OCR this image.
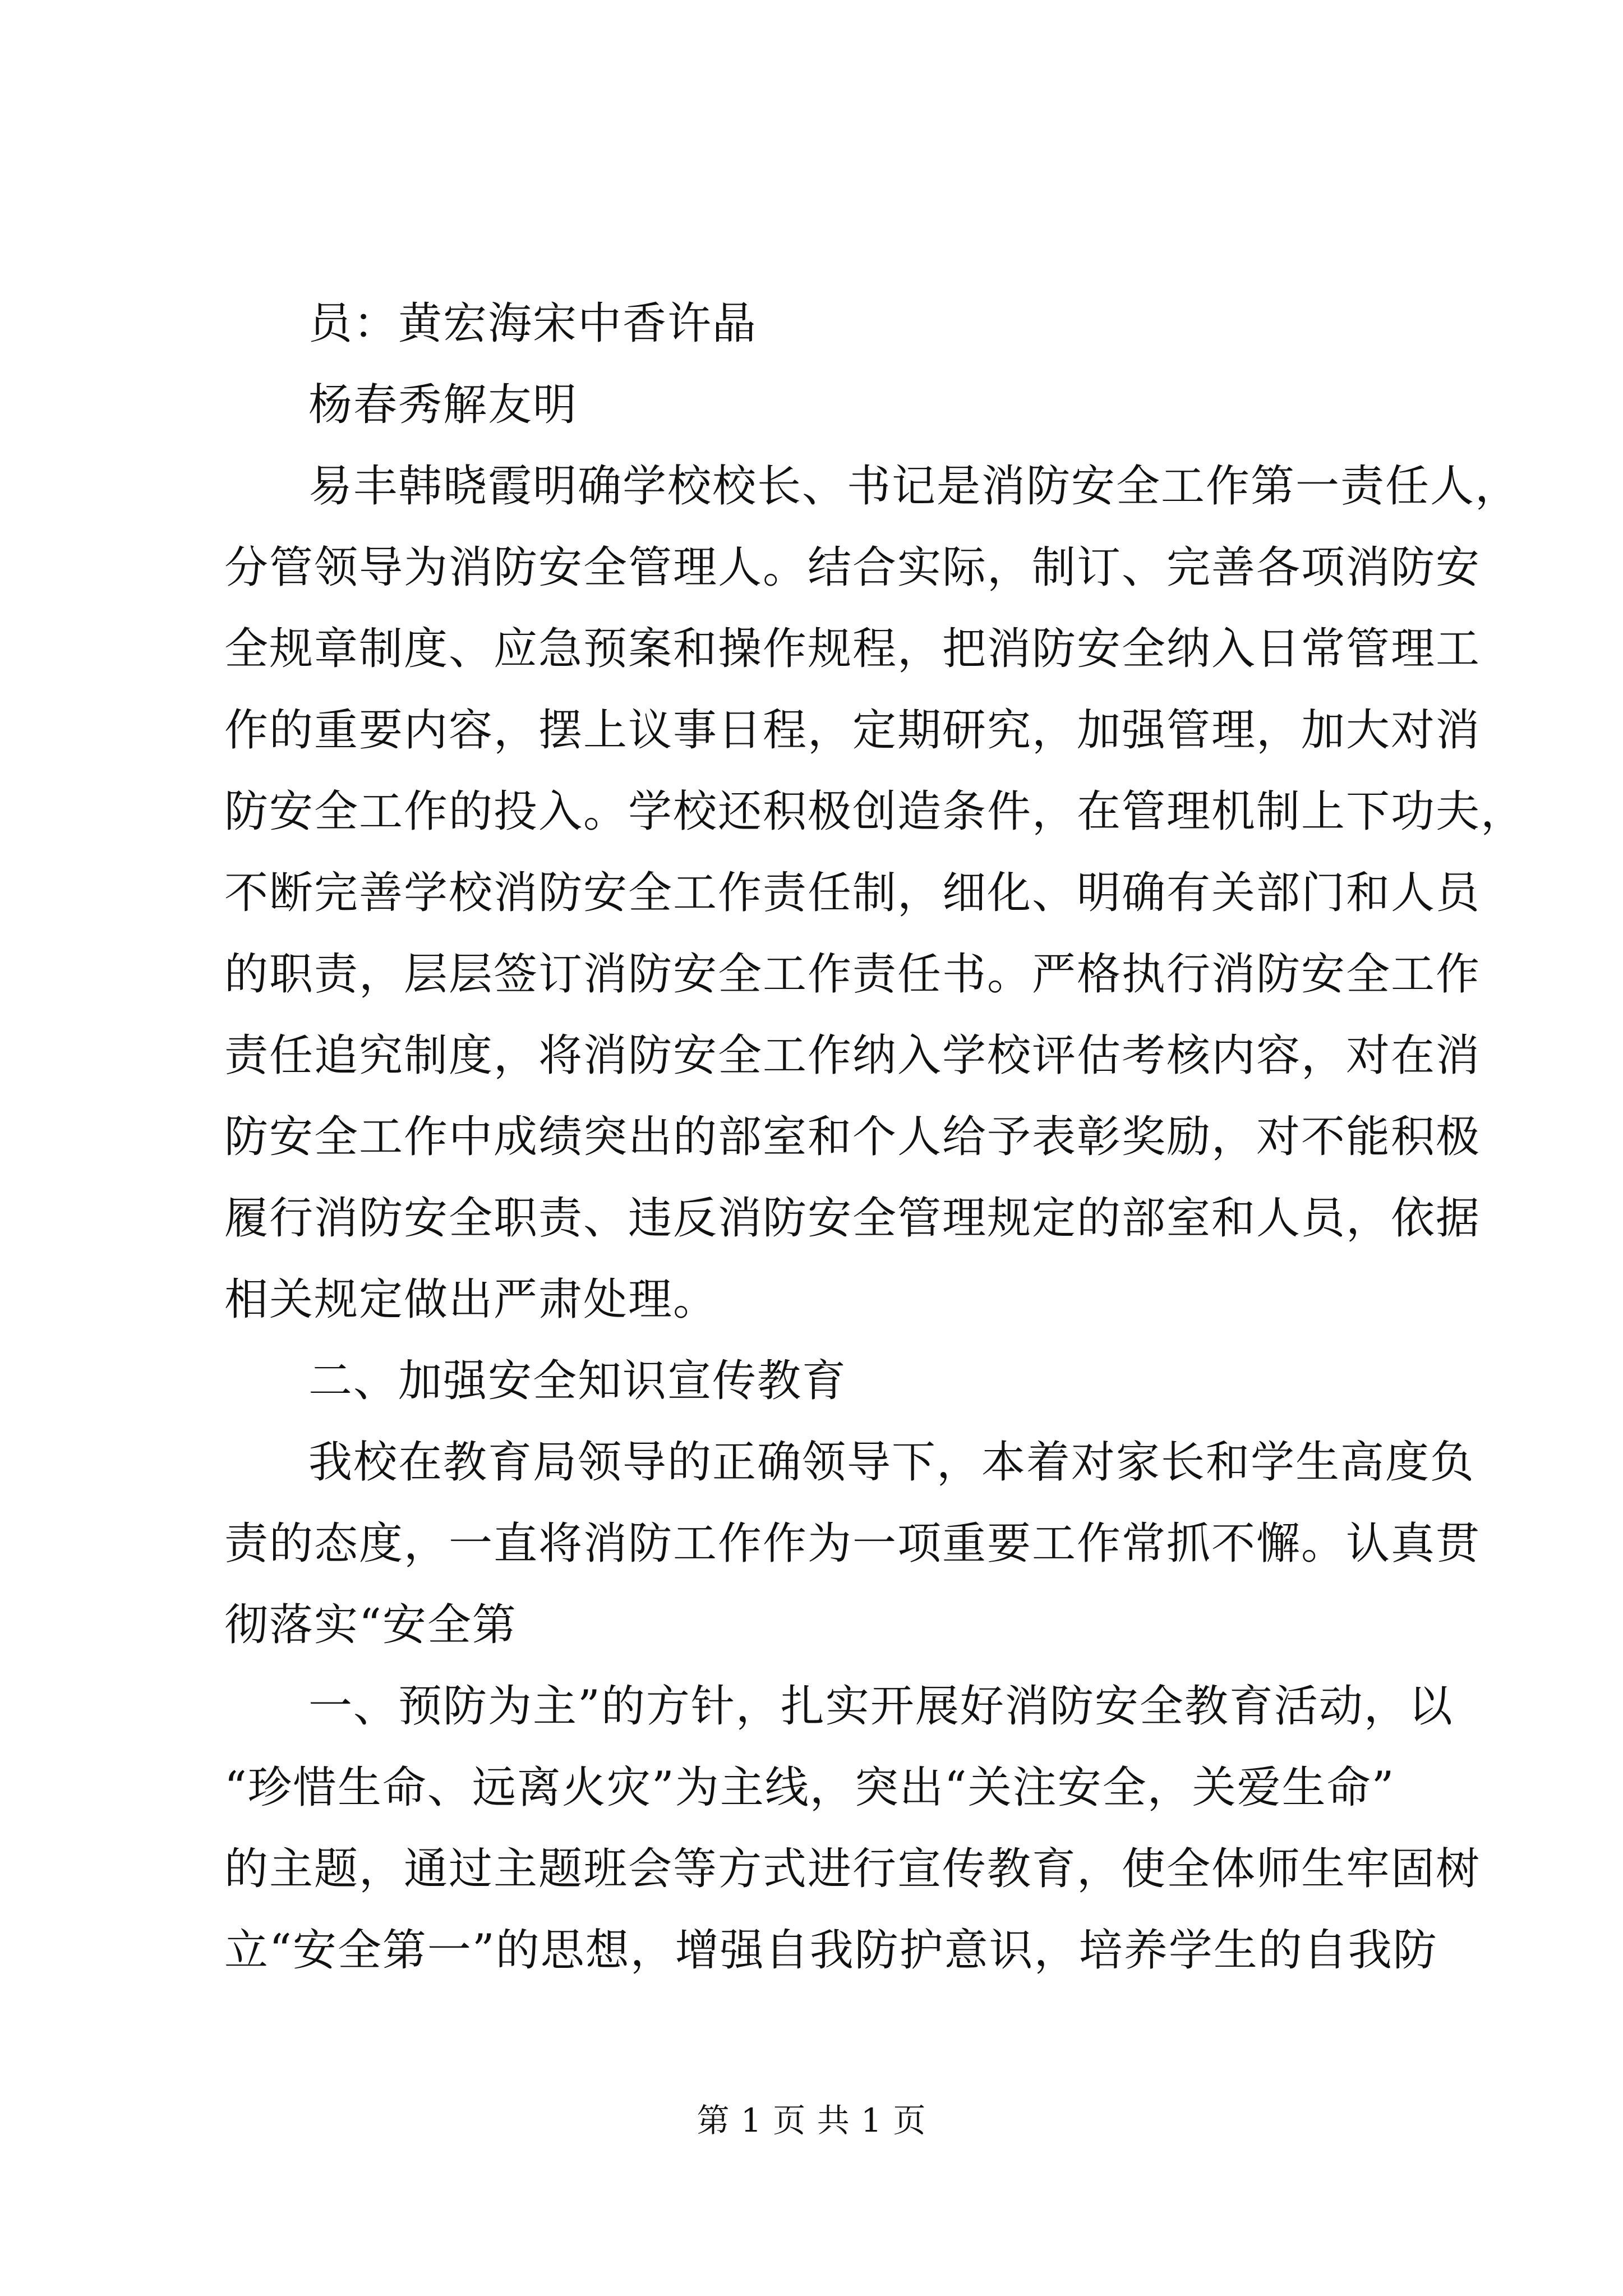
员：黄宏海宋中香许晶
杨春秀解友明
易丰韩晓霞明确学校校长、书记是消防安全工作第一责任人，
分管领导为消防安全管理人。结合实际，制订、完善各项消防安
全规章制度、应急预案和操作规程，把消防安全纳入日常管理工
作的重要内容，摆上议事日程，定期研究，加强管理，加大对消
防安全工作的投入。学校还积极创造条件，在管理机制上下功夫，
不断完善学校消防安全工作责任制，细化、明确有关部门和人员
的职责，层层签订消防安全工作责任书。严格执行消防安全工作
责任追究制度，将消防安全工作纳入学校评估考核内容，对在消
防安全工作中成绩突出的部室和个人给予表彰奖励，对不能积极
履行消防安全职责、违反消防安全管理规定的部室和人员，依据
相关规定做出严肃处理。
二、加强安全知识宣传教育
我校在教育局领导的正确领导下，本着对家长和学生高度负
责的态度，一直将消防工作作为一项重要工作常抓不懈。认真贯
彻落实“安全第
一、预防为主”的方针，扎实开展好消防安全教育活动，以
“珍惜生命、远离火灾”为主线，突出“关注安全，关爱生命”
的主题，通过主题班会等方式进行宣传教育，使全体师生牢固树
立“安全第一”的思想，增强自我防护意识，培养学生的自我防
第 1 页 共 1 页
